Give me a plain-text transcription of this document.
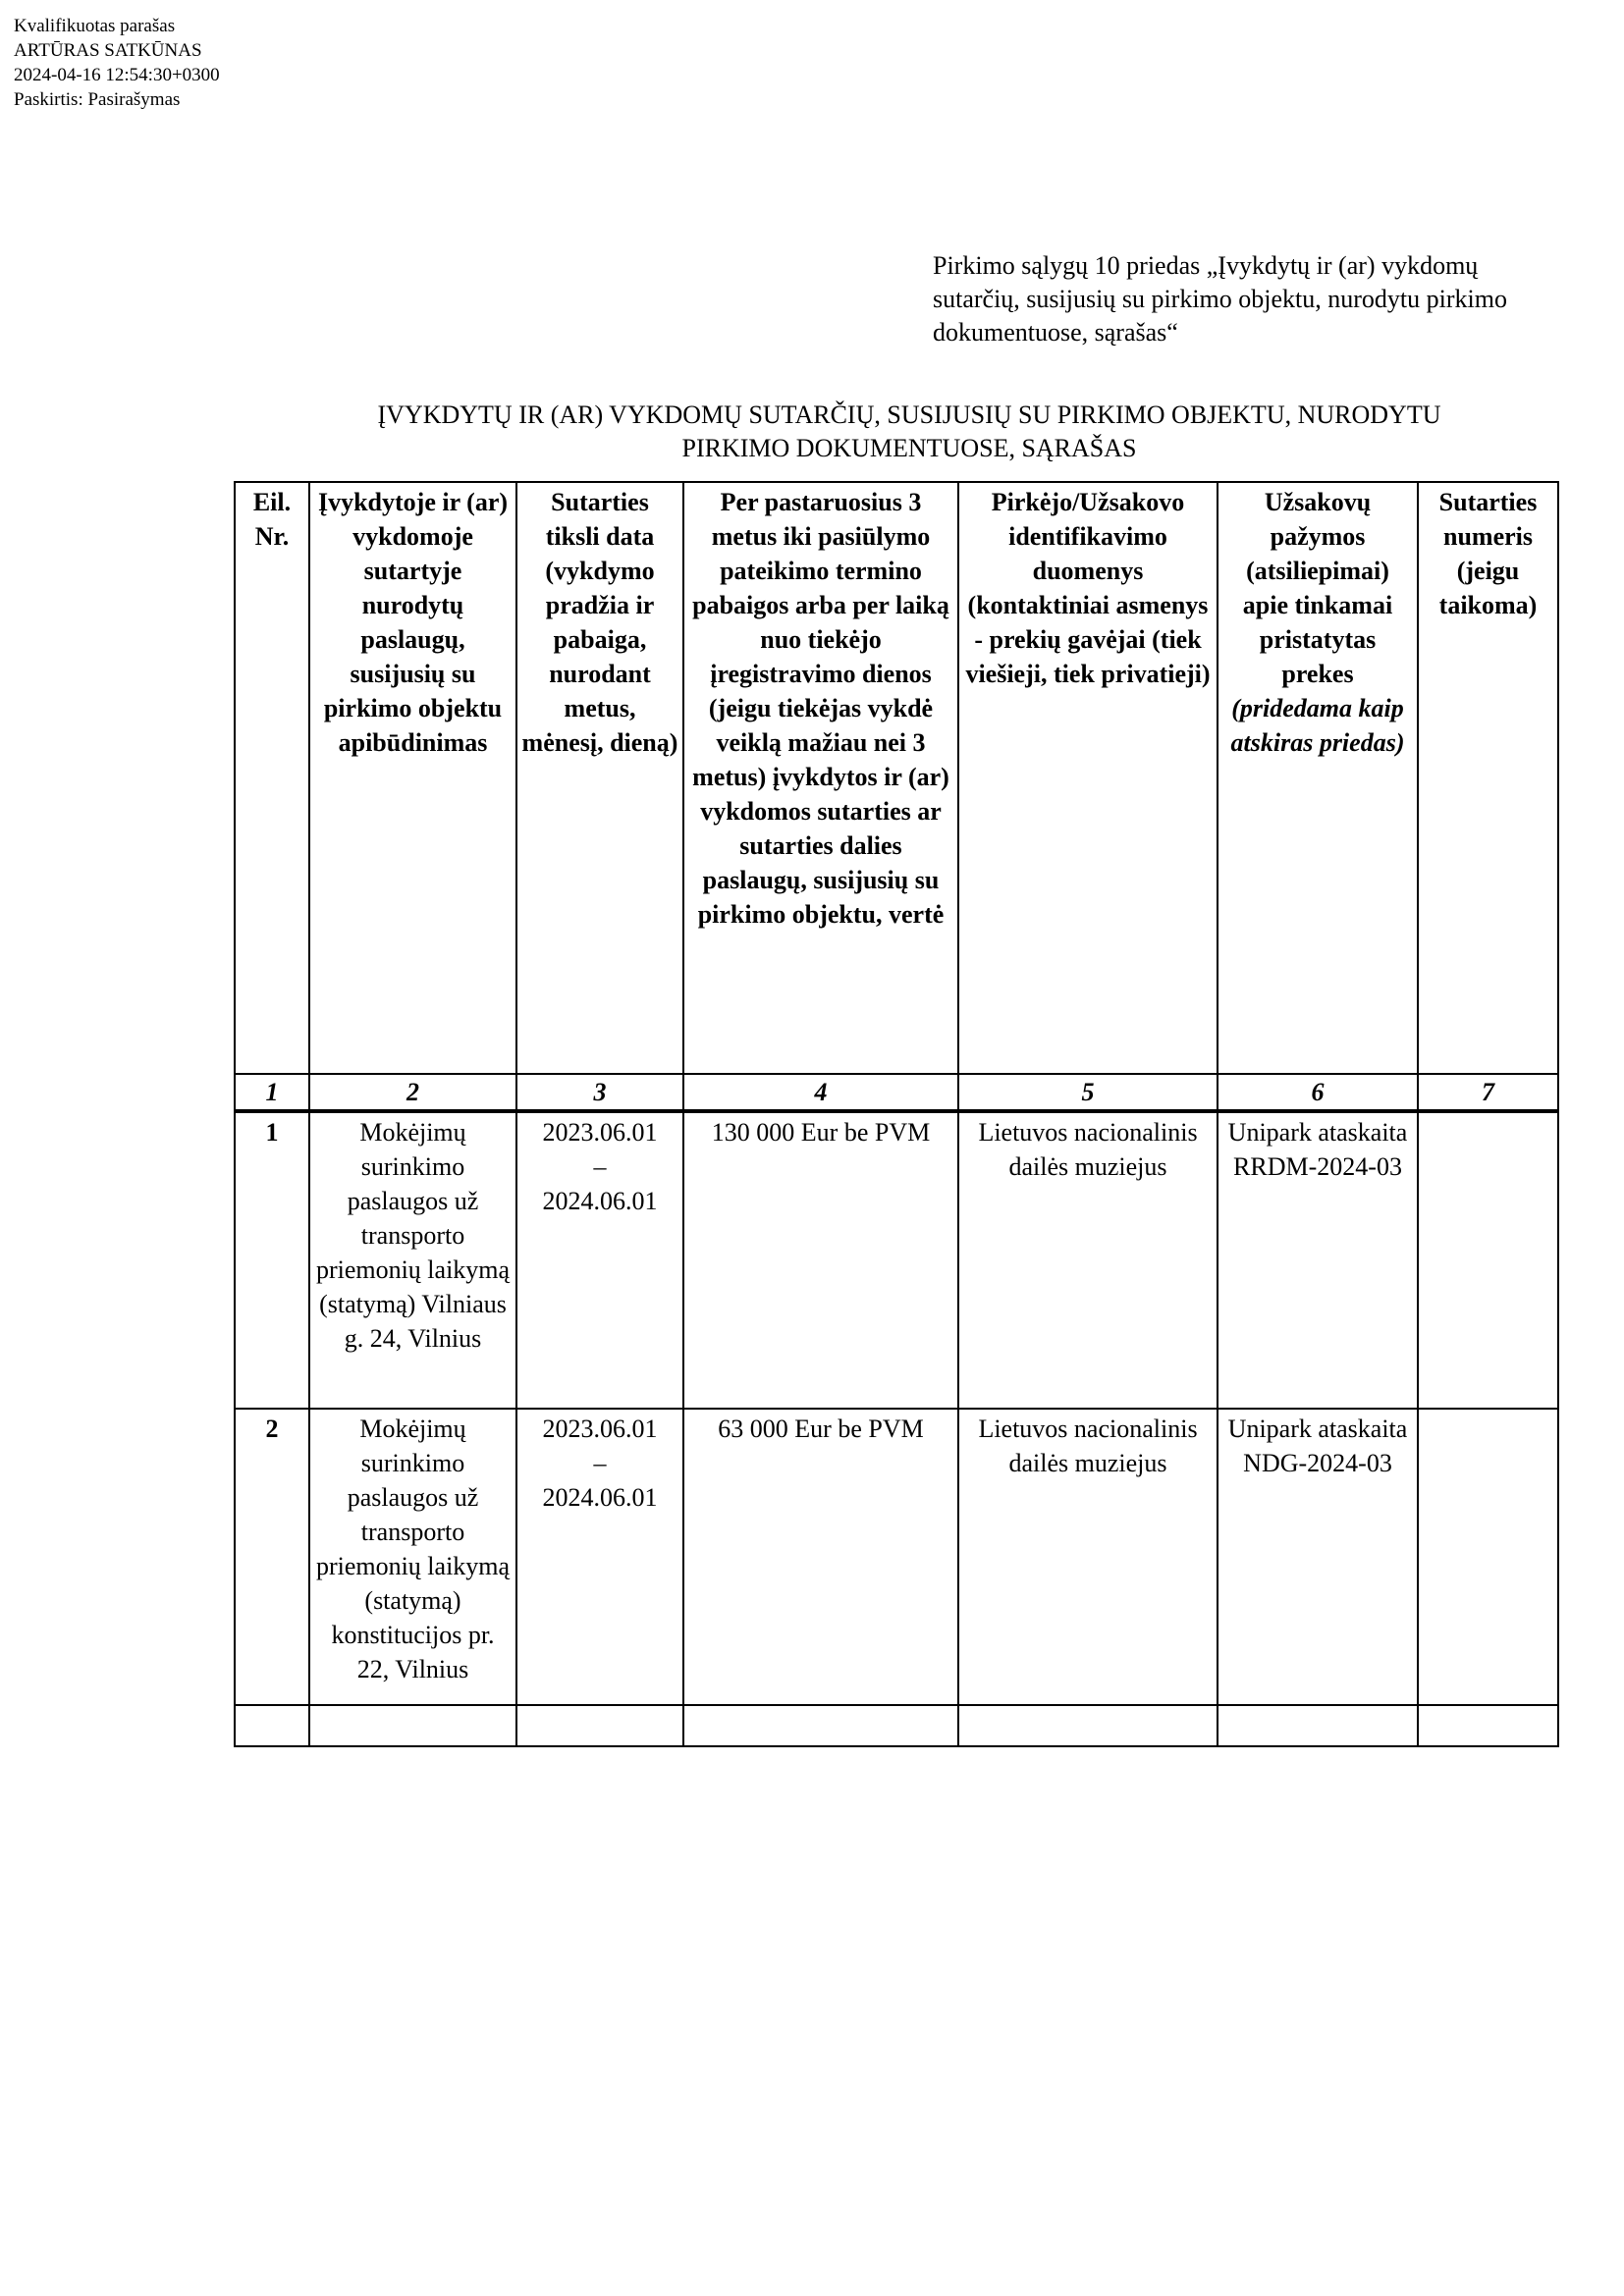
Kvalifikuotas parašas
ARTŪRAS SATKŪNAS
2024-04-16 12:54:30+0300
Paskirtis: Pasirašymas
Pirkimo sąlygų 10 priedas „Įvykdytų ir (ar) vykdomų sutarčių, susijusių su pirkimo objektu, nurodytu pirkimo dokumentuose, sąrašas“
ĮVYKDYTŲ IR (AR) VYKDOMŲ SUTARČIŲ, SUSIJUSIŲ SU PIRKIMO OBJEKTU, NURODYTU
PIRKIMO DOKUMENTUOSE, SĄRAŠAS
Eil. Nr.	Įvykdytoje ir (ar) vykdomoje sutartyje nurodytų paslaugų, susijusių su pirkimo objektu apibūdinimas	Sutarties tiksli data (vykdymo pradžia ir pabaiga, nurodant metus, mėnesį, dieną)	Per pastaruosius 3 metus iki pasiūlymo pateikimo termino pabaigos arba per laiką nuo tiekėjo įregistravimo dienos (jeigu tiekėjas vykdė veiklą mažiau nei 3 metus) įvykdytos ir (ar) vykdomos sutarties ar sutarties dalies paslaugų, susijusių su pirkimo objektu, vertė	Pirkėjo/Užsakovo identifikavimo duomenys (kontaktiniai asmenys - prekių gavėjai (tiek viešieji, tiek privatieji)	Užsakovų pažymos (atsiliepimai) apie tinkamai pristatytas prekes (pridedama kaip atskiras priedas)	Sutarties numeris (jeigu taikoma)
1	2	3	4	5	6	7
1	Mokėjimų surinkimo paslaugos už transporto priemonių laikymą (statymą) Vilniaus g. 24, Vilnius	2023.06.01
–
2024.06.01	130 000 Eur be PVM	Lietuvos nacionalinis dailės muziejus	Unipark ataskaita RRDM-2024-03	
2	Mokėjimų surinkimo paslaugos už transporto priemonių laikymą (statymą) konstitucijos pr. 22, Vilnius	2023.06.01
–
2024.06.01	63 000 Eur be PVM	Lietuvos nacionalinis dailės muziejus	Unipark ataskaita NDG-2024-03	
